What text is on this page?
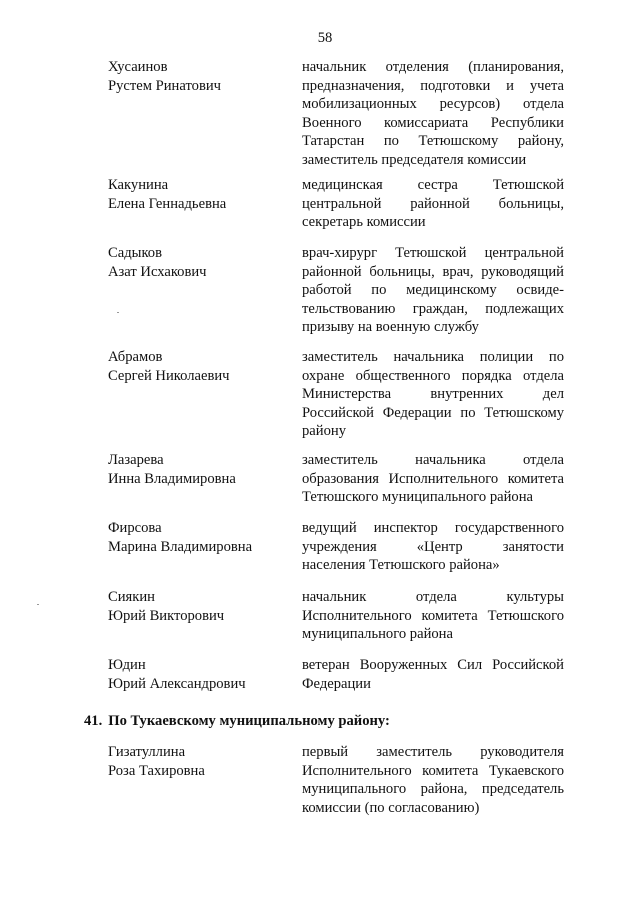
58
Хусаинов
Рустем Ринатович
начальник отделения (планирования,
предназначения, подготовки и учета
мобилизационных ресурсов) отдела
Военного комиссариата Республики
Татарстан по Тетюшскому району,
заместитель председателя комиссии
Какунина
Елена Геннадьевна
медицинская сестра Тетюшской
центральной районной больницы,
секретарь комиссии
Садыков
Азат Исхакович
врач-хирург Тетюшской центральной
районной больницы, врач, руководящий
работой по медицинскому освиде-
тельствованию граждан, подлежащих
призыву на военную службу
Абрамов
Сергей Николаевич
заместитель начальника полиции по
охране общественного порядка отдела
Министерства внутренних дел
Российской Федерации по Тетюшскому
району
Лазарева
Инна Владимировна
заместитель начальника отдела
образования Исполнительного комитета
Тетюшского муниципального района
Фирсова
Марина Владимировна
ведущий инспектор государственного
учреждения «Центр занятости
населения Тетюшского района»
Сиякин
Юрий Викторович
начальник отдела культуры
Исполнительного комитета Тетюшского
муниципального района
Юдин
Юрий Александрович
ветеран Вооруженных Сил Российской
Федерации
41. По Тукаевскому муниципальному району:
Гизатуллина
Роза Тахировна
первый заместитель руководителя
Исполнительного комитета Тукаевского
муниципального района, председатель
комиссии (по согласованию)
